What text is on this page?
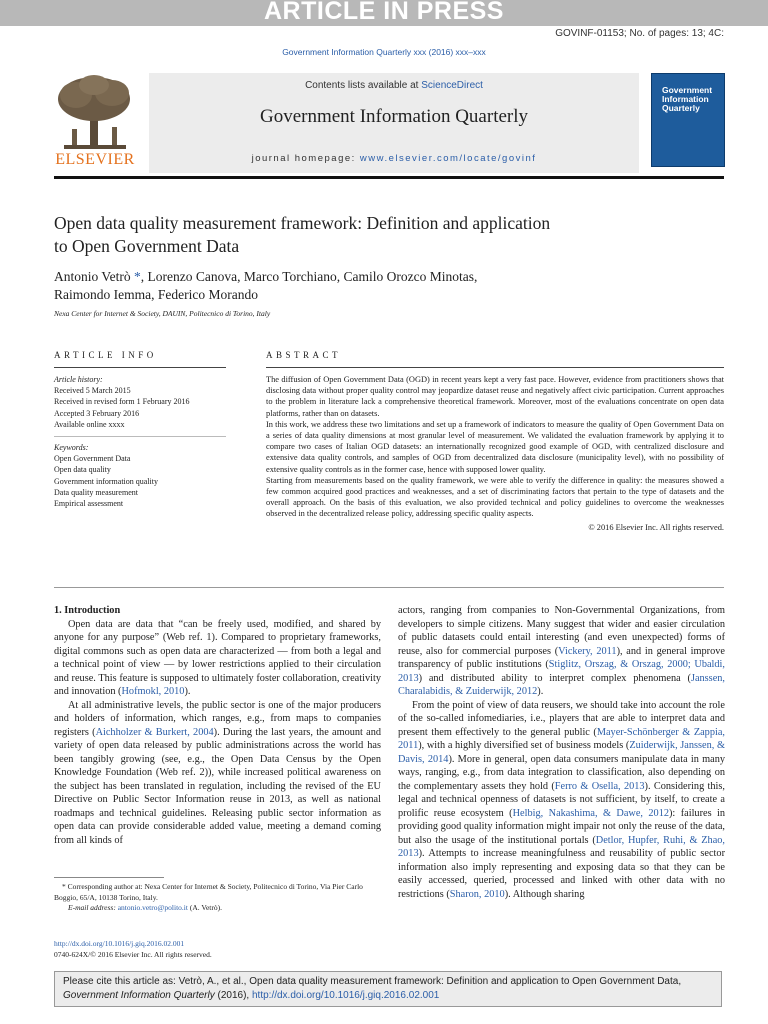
ARTICLE IN PRESS
GOVINF-01153; No. of pages: 13; 4C:
Government Information Quarterly xxx (2016) xxx–xxx
ELSEVIER
Contents lists available at ScienceDirect
Government Information Quarterly
journal homepage: www.elsevier.com/locate/govinf
Government
Information
Quarterly
Open data quality measurement framework: Definition and application
to Open Government Data
Antonio Vetrò *, Lorenzo Canova, Marco Torchiano, Camilo Orozco Minotas,
Raimondo Iemma, Federico Morando
Nexa Center for Internet & Society, DAUIN, Politecnico di Torino, Italy
ARTICLE INFO	ABSTRACT
Article history:
Received 5 March 2015
Received in revised form 1 February 2016
Accepted 3 February 2016
Available online xxxx
Keywords:
Open Government Data
Open data quality
Government information quality
Data quality measurement
Empirical assessment

The diffusion of Open Government Data (OGD) in recent years kept a very fast pace. However, evidence from practitioners shows that disclosing data without proper quality control may jeopardize dataset reuse and negatively affect civic participation. Current approaches to the problem in literature lack a comprehensive theoretical framework. Moreover, most of the evaluations concentrate on open data platforms, rather than on datasets.

In this work, we address these two limitations and set up a framework of indicators to measure the quality of Open Government Data on a series of data quality dimensions at most granular level of measurement. We validated the evaluation framework by applying it to compare two cases of Italian OGD datasets: an internationally recognized good example of OGD, with centralized disclosure and extensive data quality controls, and samples of OGD from decentralized data disclosure (municipality level), with no possibility of extensive quality controls as in the former case, hence with supposed lower quality.

Starting from measurements based on the quality framework, we were able to verify the difference in quality: the measures showed a few common acquired good practices and weaknesses, and a set of discriminating factors that pertain to the type of datasets and the overall approach. On the basis of this evaluation, we also provided technical and policy guidelines to overcome the weaknesses observed in the decentralized release policy, addressing specific quality aspects.

© 2016 Elsevier Inc. All rights reserved.

1. Introduction

Open data are data that “can be freely used, modified, and shared by anyone for any purpose” (Web ref. 1). Compared to proprietary frameworks, digital commons such as open data are characterized — from both a legal and a technical point of view — by lower restrictions applied to their circulation and reuse. This feature is supposed to ultimately foster collaboration, creativity and innovation (Hofmokl, 2010).

At all administrative levels, the public sector is one of the major producers and holders of information, which ranges, e.g., from maps to companies registers (Aichholzer & Burkert, 2004). During the last years, the amount and variety of open data released by public administrations across the world has been tangibly growing (see, e.g., the Open Data Census by the Open Knowledge Foundation (Web ref. 2)), while increased political awareness on the subject has been translated in regulation, including the revised of the EU Directive on Public Sector Information reuse in 2013, as well as national roadmaps and technical guidelines. Releasing public sector information as open data can provide considerable added value, meeting a demand coming from all kinds of

actors, ranging from companies to Non-Governmental Organizations, from developers to simple citizens. Many suggest that wider and easier circulation of public datasets could entail interesting (and even unexpected) forms of reuse, also for commercial purposes (Vickery, 2011), and in general improve transparency of public institutions (Stiglitz, Orszag, & Orszag, 2000; Ubaldi, 2013) and distributed ability to interpret complex phenomena (Janssen, Charalabidis, & Zuiderwijk, 2012).

From the point of view of data reusers, we should take into account the role of the so-called infomediaries, i.e., players that are able to interpret data and present them effectively to the general public (Mayer-Schönberger & Zappia, 2011), with a highly diversified set of business models (Zuiderwijk, Janssen, & Davis, 2014). More in general, open data consumers manipulate data in many ways, ranging, e.g., from data integration to classification, also depending on the complementary assets they hold (Ferro & Osella, 2013). Considering this, legal and technical openness of datasets is not sufficient, by itself, to create a prolific reuse ecosystem (Helbig, Nakashima, & Dawe, 2012): failures in providing good quality information might impair not only the reuse of the data, but also the usage of the institutional portals (Detlor, Hupfer, Ruhi, & Zhao, 2013). Attempts to increase meaningfulness and reusability of public sector information also imply representing and exposing data so that they can be easily accessed, queried, processed and linked with other data with no restrictions (Sharon, 2010). Although sharing

* Corresponding author at: Nexa Center for Internet & Society, Politecnico di Torino, Via Pier Carlo Boggio, 65/A, 10138 Torino, Italy.
E-mail address: antonio.vetro@polito.it (A. Vetrò).
http://dx.doi.org/10.1016/j.giq.2016.02.001
0740-624X/© 2016 Elsevier Inc. All rights reserved.
Please cite this article as: Vetrò, A., et al., Open data quality measurement framework: Definition and application to Open Government Data,
Government Information Quarterly (2016), http://dx.doi.org/10.1016/j.giq.2016.02.001
